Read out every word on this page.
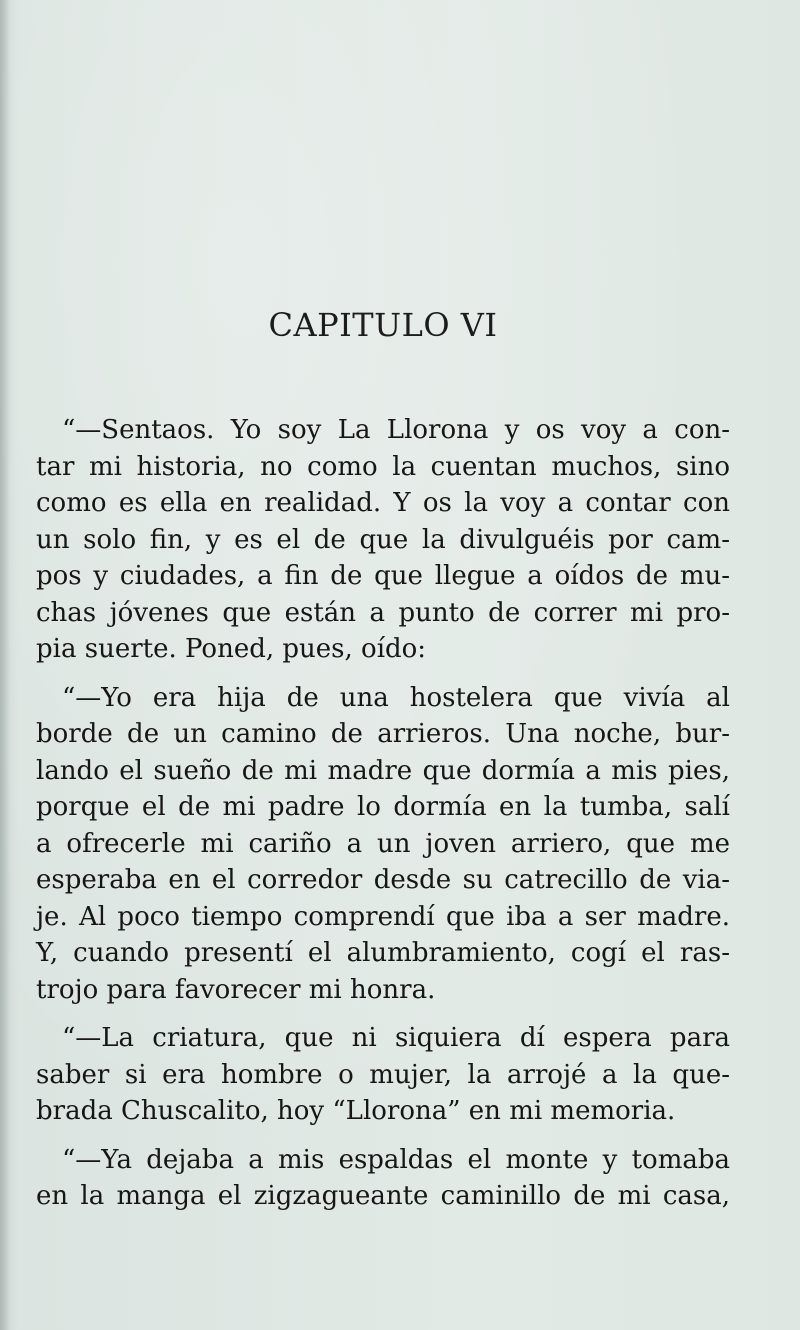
CAPITULO VI
“—Sentaos. Yo soy La Llorona y os voy a con-
tar mi historia, no como la cuentan muchos, sino
como es ella en realidad. Y os la voy a contar con
un solo fin, y es el de que la divulguéis por cam-
pos y ciudades, a fin de que llegue a oídos de mu-
chas jóvenes que están a punto de correr mi pro-
pia suerte. Poned, pues, oído:
“—Yo era hija de una hostelera que vivía al
borde de un camino de arrieros. Una noche, bur-
lando el sueño de mi madre que dormía a mis pies,
porque el de mi padre lo dormía en la tumba, salí
a ofrecerle mi cariño a un joven arriero, que me
esperaba en el corredor desde su catrecillo de via-
je. Al poco tiempo comprendí que iba a ser madre.
Y, cuando presentí el alumbramiento, cogí el ras-
trojo para favorecer mi honra.
“—La criatura, que ni siquiera dí espera para
saber si era hombre o mujer, la arrojé a la que-
brada Chuscalito, hoy “Llorona” en mi memoria.
“—Ya dejaba a mis espaldas el monte y tomaba
en la manga el zigzagueante caminillo de mi casa,
